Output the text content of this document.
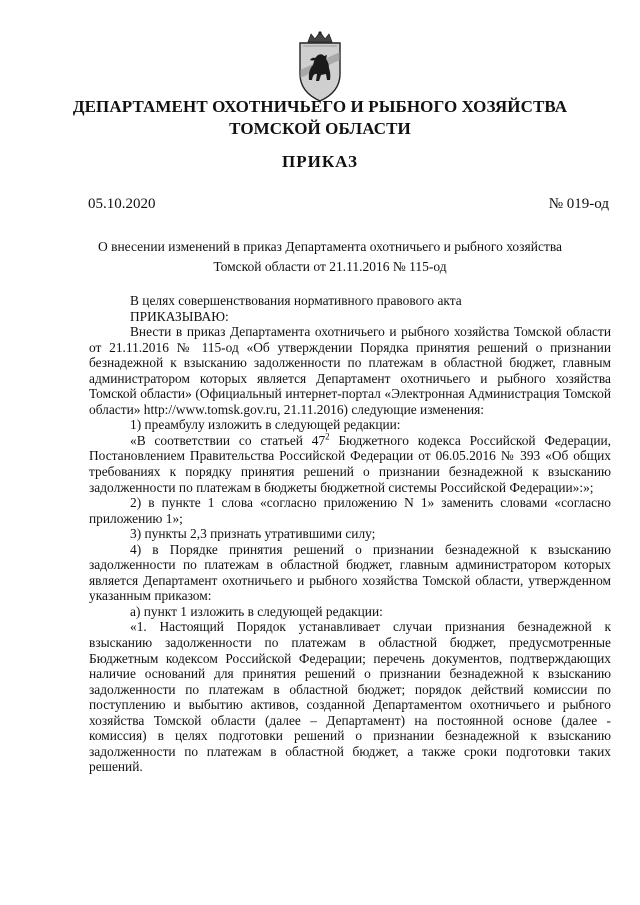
ДЕПАРТАМЕНТ ОХОТНИЧЬЕГО И РЫБНОГО ХОЗЯЙСТВА
ТОМСКОЙ ОБЛАСТИ
ПРИКАЗ
05.10.2020	№ 019-од
О внесении изменений в приказ Департамента охотничьего и рыбного хозяйства
Томской области от 21.11.2016 № 115-од

В целях совершенствования нормативного правового акта

ПРИКАЗЫВАЮ:

Внести в приказ Департамента охотничьего и рыбного хозяйства Томской области от 21.11.2016 № 115-од «Об утверждении Порядка принятия решений о признании безнадежной к взысканию задолженности по платежам в областной бюджет, главным администратором которых является Департамент охотничьего и рыбного хозяйства Томской области» (Официальный интернет-портал «Электронная Администрация Томской области» http://www.tomsk.gov.ru, 21.11.2016) следующие изменения:

1) преамбулу изложить в следующей редакции:

«В соответствии со статьей $47^2$ Бюджетного кодекса Российской Федерации, Постановлением Правительства Российской Федерации от 06.05.2016 № 393 «Об общих требованиях к порядку принятия решений о признании безнадежной к взысканию задолженности по платежам в бюджеты бюджетной системы Российской Федерации»:»;

2) в пункте 1 слова «согласно приложению N 1» заменить словами «согласно приложению 1»;

3) пункты 2,3 признать утратившими силу;

4) в Порядке принятия решений о признании безнадежной к взысканию задолженности по платежам в областной бюджет, главным администратором которых является Департамент охотничьего и рыбного хозяйства Томской области, утвержденном указанным приказом:

а) пункт 1 изложить в следующей редакции:

«1. Настоящий Порядок устанавливает случаи признания безнадежной к взысканию задолженности по платежам в областной бюджет, предусмотренные Бюджетным кодексом Российской Федерации; перечень документов, подтверждающих наличие оснований для принятия решений о признании безнадежной к взысканию задолженности по платежам в областной бюджет; порядок действий комиссии по поступлению и выбытию активов, созданной Департаментом охотничьего и рыбного хозяйства Томской области (далее – Департамент) на постоянной основе (далее - комиссия) в целях подготовки решений о признании безнадежной к взысканию задолженности по платежам в областной бюджет, а также сроки подготовки таких решений.
